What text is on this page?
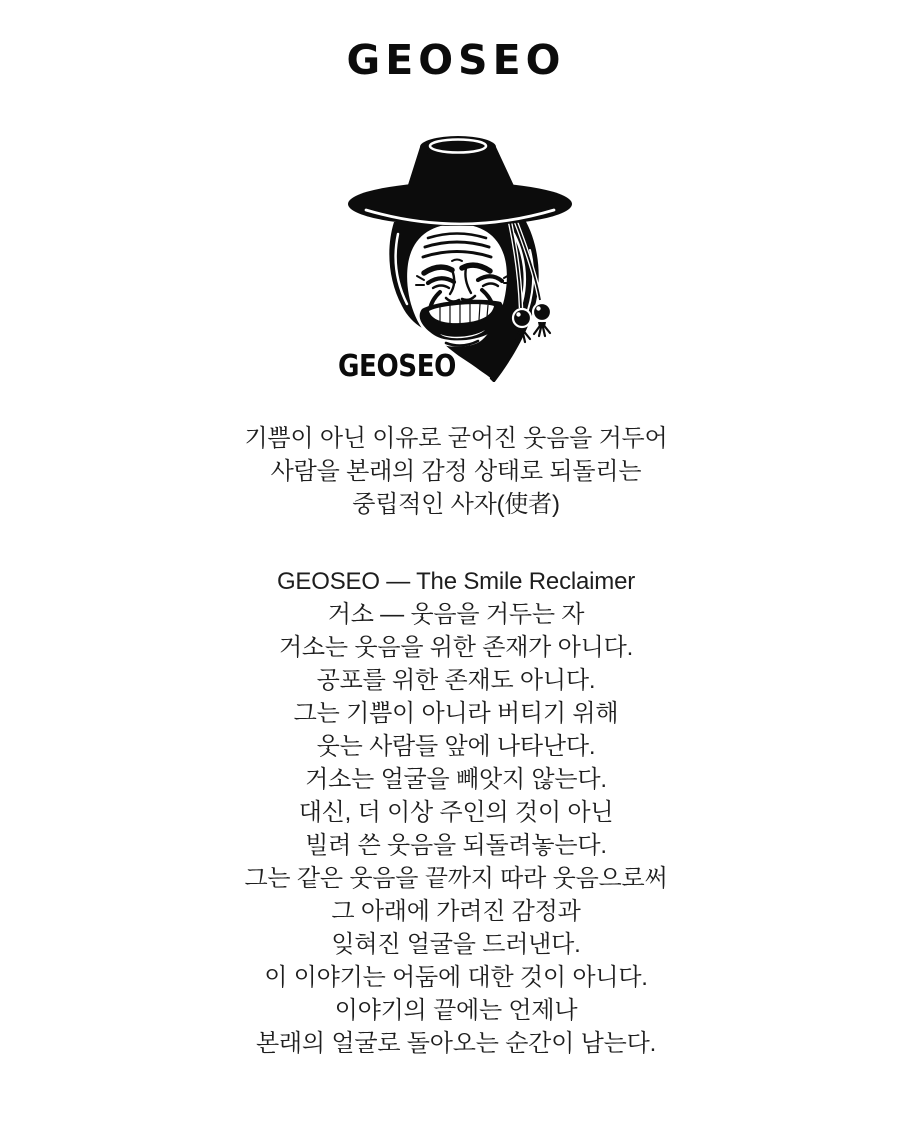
GEOSEO
GEOSEO
기쁨이 아닌 이유로 굳어진 웃음을 거두어
사람을 본래의 감정 상태로 되돌리는
중립적인 사자(使者)
GEOSEO — The Smile Reclaimer
거소 — 웃음을 거두는 자
거소는 웃음을 위한 존재가 아니다.
공포를 위한 존재도 아니다.
그는 기쁨이 아니라 버티기 위해
웃는 사람들 앞에 나타난다.
거소는 얼굴을 빼앗지 않는다.
대신, 더 이상 주인의 것이 아닌
빌려 쓴 웃음을 되돌려놓는다.
그는 같은 웃음을 끝까지 따라 웃음으로써
그 아래에 가려진 감정과
잊혀진 얼굴을 드러낸다.
이 이야기는 어둠에 대한 것이 아니다.
이야기의 끝에는 언제나
본래의 얼굴로 돌아오는 순간이 남는다.
